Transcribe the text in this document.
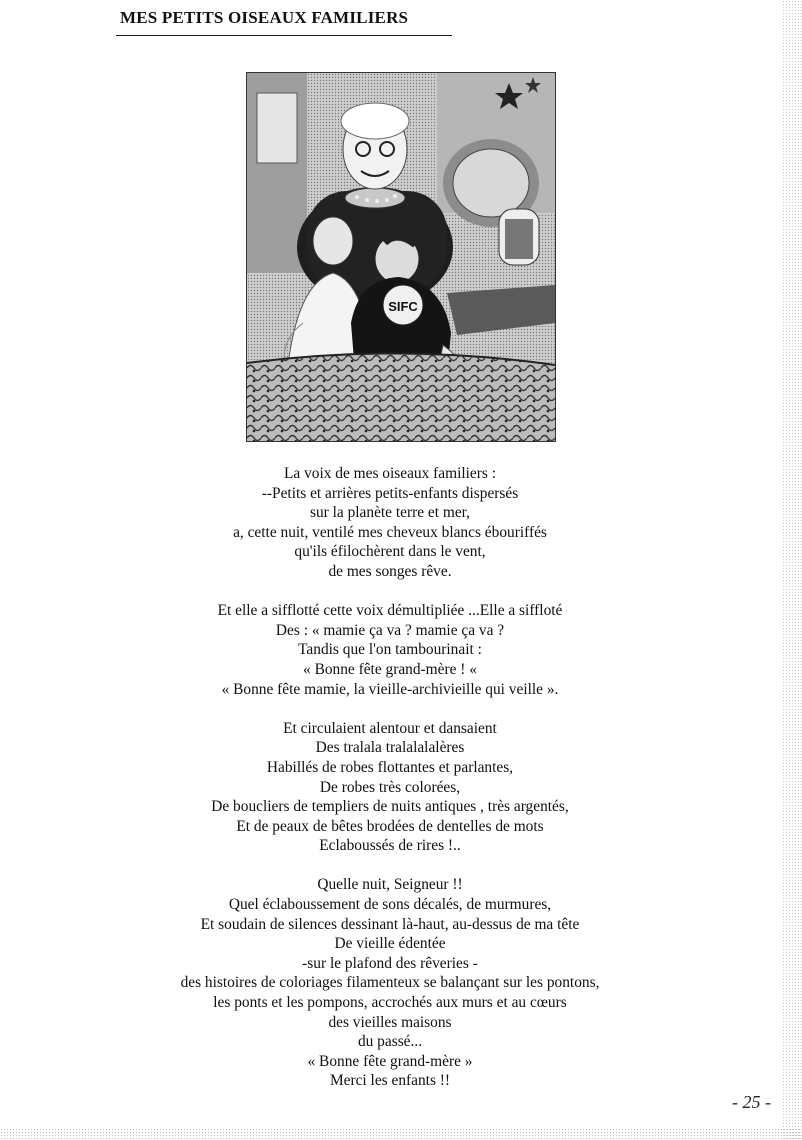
MES PETITS OISEAUX FAMILIERS
SIFC
La voix de mes oiseaux familiers :
--Petits et arrières petits-enfants dispersés
sur la planète terre et mer,
a, cette nuit, ventilé mes cheveux blancs ébouriffés
qu'ils éfilochèrent dans le vent,
de mes songes rêve.
Et elle a sifflotté cette voix démultipliée ...Elle a siffloté
Des : « mamie ça va ? mamie ça va ?
Tandis que l'on tambourinait :
« Bonne fête grand-mère ! «
« Bonne fête mamie, la vieille-archivieille qui veille ».
Et circulaient alentour et dansaient
Des tralala tralalalalères
Habillés de robes flottantes et parlantes,
De robes très colorées,
De boucliers de templiers de nuits antiques , très argentés,
Et de peaux de bêtes brodées de dentelles de mots
Eclaboussés de rires !..
Quelle nuit, Seigneur !!
Quel éclaboussement de sons décalés, de murmures,
Et soudain de silences dessinant là-haut, au-dessus de ma tête
De vieille édentée
-sur le plafond des rêveries -
des histoires de coloriages filamenteux se balançant sur les pontons,
les ponts et les pompons, accrochés aux murs et au cœurs
des vieilles maisons
du passé...
« Bonne fête grand-mère »
Merci les enfants !!
- 25 -
